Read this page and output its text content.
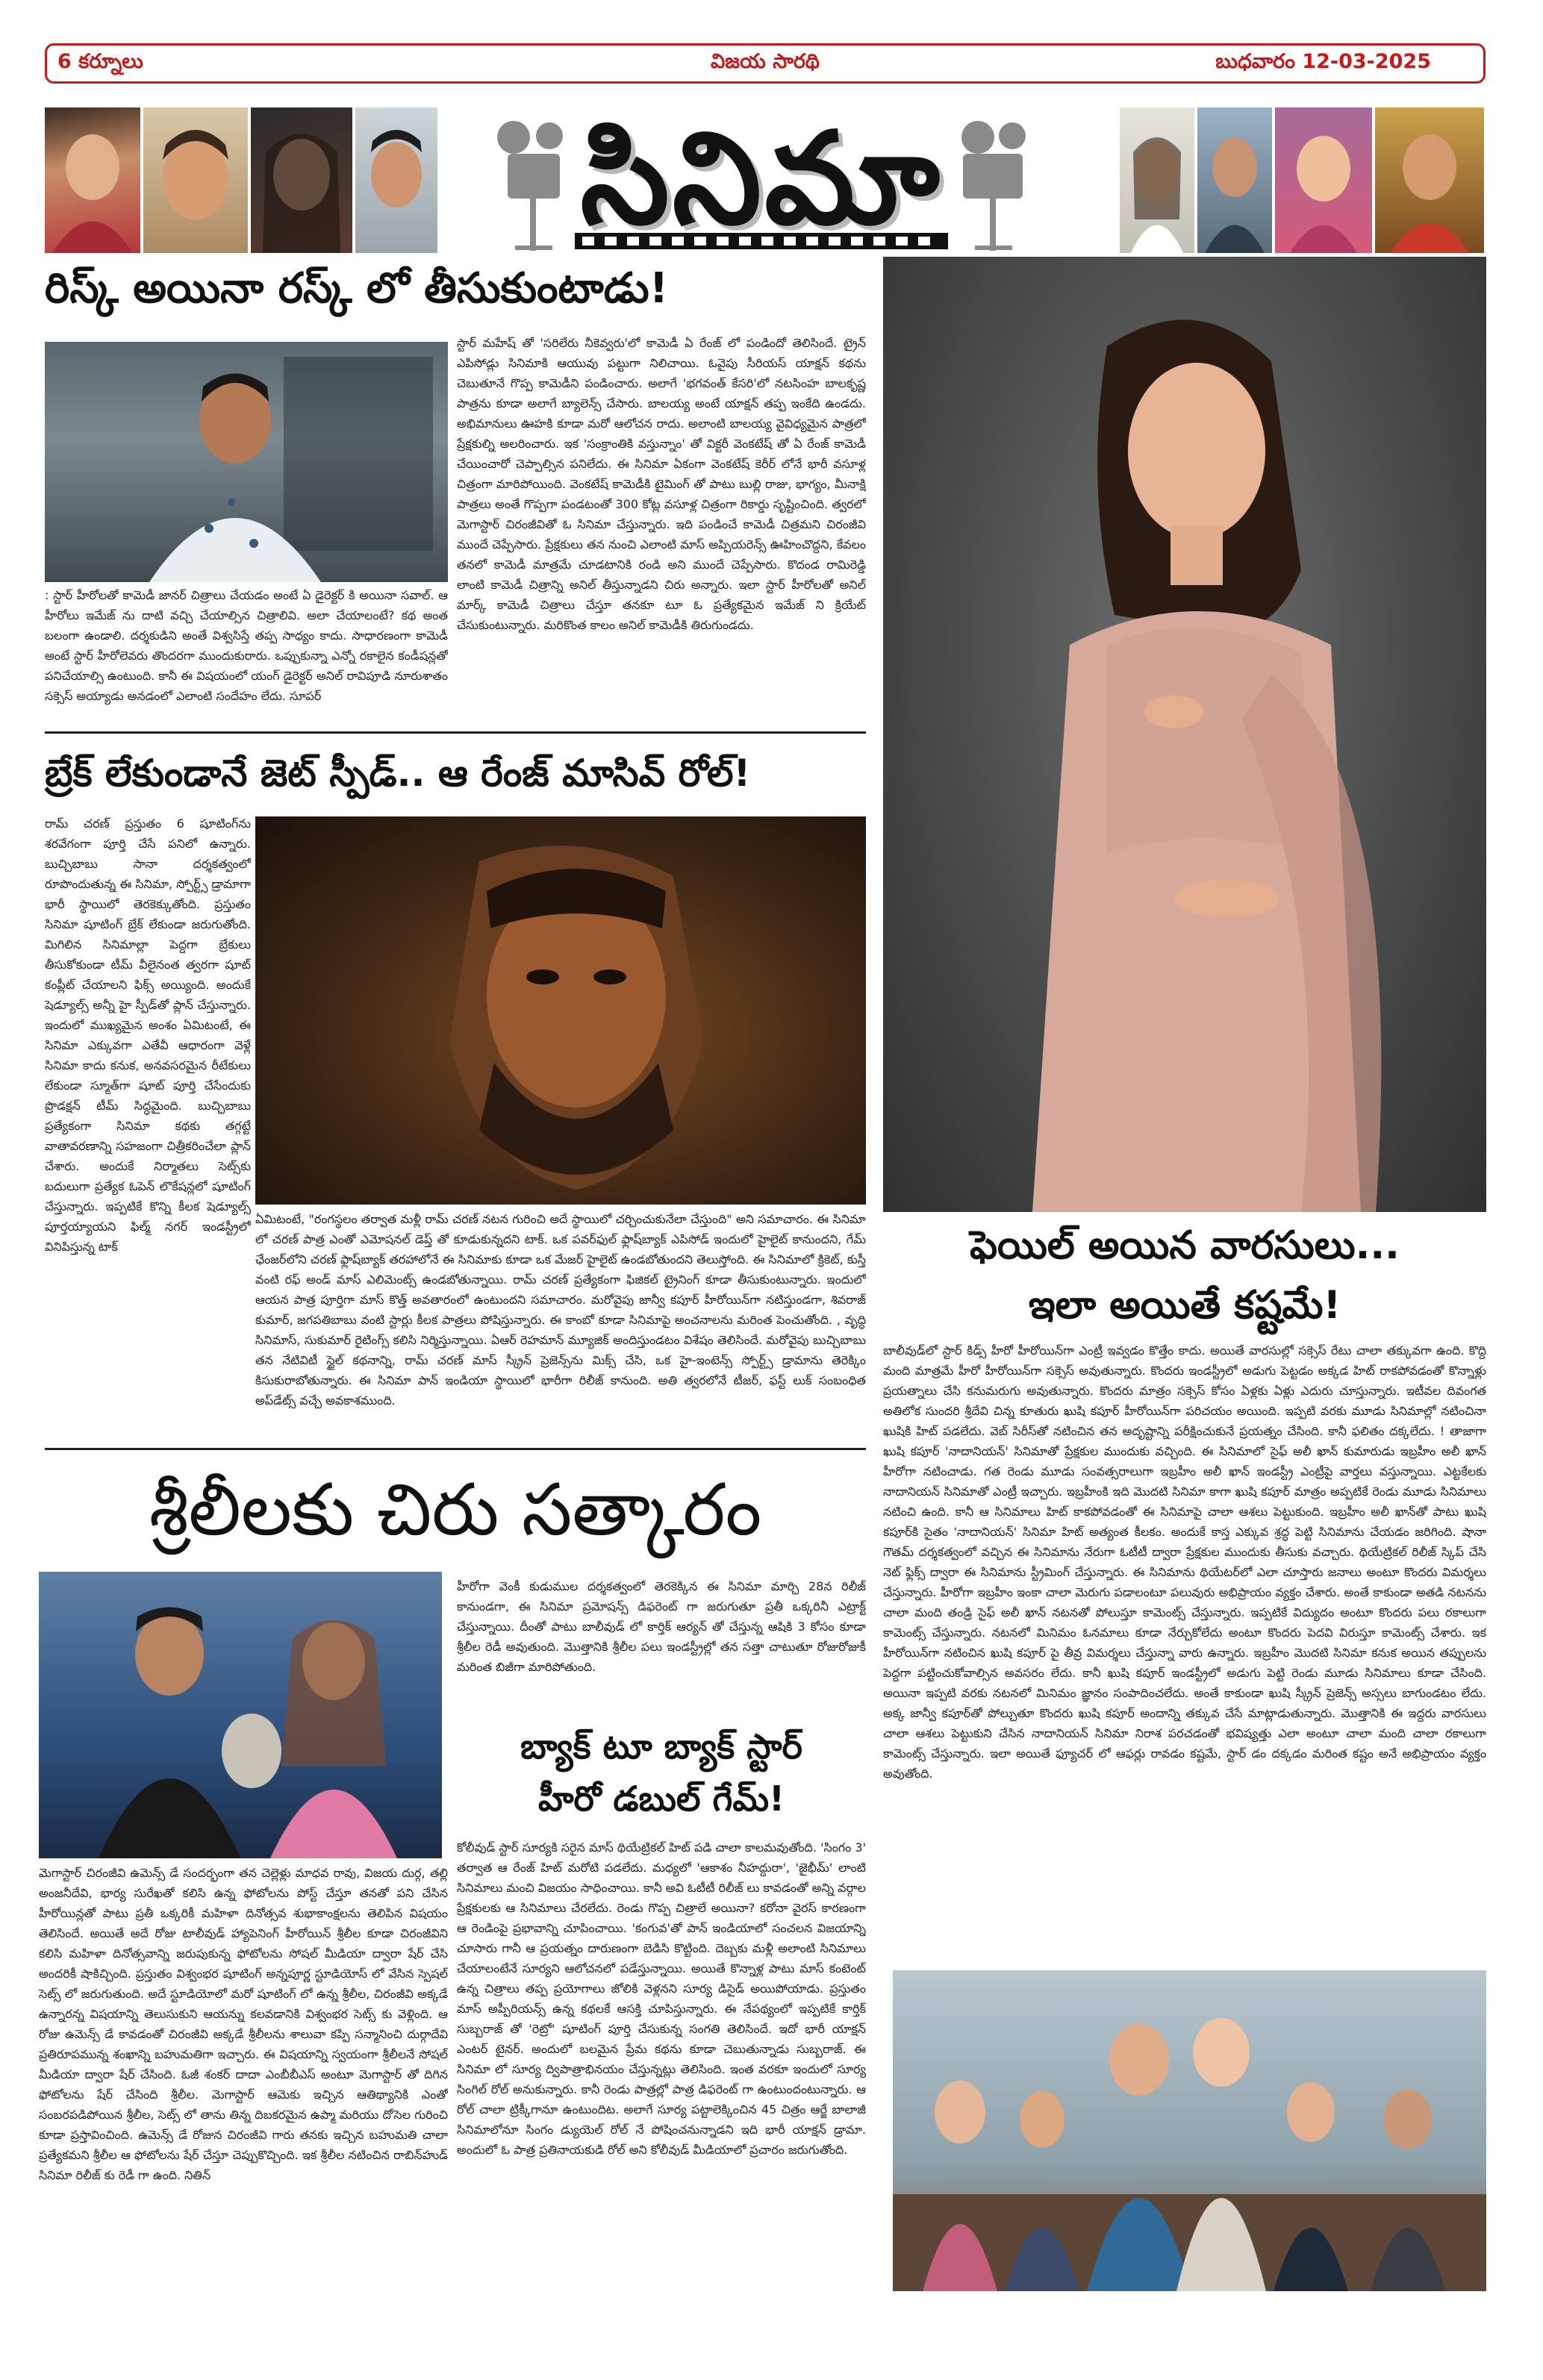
6 కర్నూలు	విజయ సారథి	బుధవారం 12-03-2025
సినిమా
రిస్క్ అయినా రస్క్ లో తీసుకుంటాడు!
: స్టార్ హీరోలతో కామెడీ జానర్ చిత్రాలు చేయడం అంటే ఏ డైరెక్టర్ కి అయినా సవాల్. ఆ హీరోలు ఇమేజ్ ను దాటి వచ్చి చేయాల్సిన చిత్రాలివి. అలా చేయాలంటే? కథ అంత బలంగా ఉండాలి. దర్శకుడిని అంతే విశ్వసిస్తే తప్ప సాధ్యం కాదు. సాధారణంగా కామెడీ అంటే స్టార్ హీరోలెవరు తొందరగా ముందుకురారు. ఒప్పుకున్నా ఎన్నో రకాలైన కండీషన్లతో పనిచేయాల్సి ఉంటుంది. కానీ ఈ విషయంలో యంగ్ డైరెక్టర్ అనిల్ రావిపూడి నూరుశాతం సక్సెస్ అయ్యాడు అనడంలో ఎలాంటి సందేహం లేదు. సూపర్
స్టార్ మహేష్ తో 'సరిలేరు నీకెవ్వరు'లో కామెడీ ఏ రేంజ్ లో పండిందో తెలిసిందే. ట్రైన్ ఎపిసోడ్లు సినిమాకి ఆయువు పట్టుగా నిలిచాయి. ఓవైపు సీరియస్ యాక్షన్ కథను చెబుతూనే గొప్ప కామెడీని పండించారు. అలాగే 'భగవంత్ కేసరి'లో నటసింహ బాలకృష్ణ పాత్రను కూడా అలాగే బ్యాలెన్స్ చేసారు. బాలయ్య అంటే యాక్షన్ తప్ప ఇంకేది ఉండదు. అభిమానులు ఊహకి కూడా మరో ఆలోచన రాదు. అలాంటి బాలయ్య వైవిధ్యమైన పాత్రలో ప్రేక్షకుల్ని అలరించారు. ఇక 'సంక్రాంతికి వస్తున్నాం' తో విక్టరీ వెంకటేష్ తో ఏ రేంజ్ కామెడీ చేయించారో చెప్పాల్సిన పనిలేదు. ఈ సినిమా ఏకంగా వెంకటేష్ కెరీర్ లోనే భారీ వసూళ్ల చిత్రంగా మారిపోయింది. వెంకటేష్ కామెడీకి టైమింగ్ తో పాటు బుల్లి రాజు, భాగ్యం, మీనాక్షి పాత్రలు అంతే గొప్పగా పండటంతో 300 కోట్ల వసూళ్ల చిత్రంగా రికార్డు సృష్టించింది. త్వరలో మెగాస్టార్ చిరంజీవితో ఓ సినిమా చేస్తున్నారు. ఇది పండించే కామెడీ చిత్రమని చిరంజీవి ముందే చెప్పేసారు. ప్రేక్షకులు తన నుంచి ఎలాంటి మాస్ అప్పియరెన్స్ ఊహించొద్దని, కేవలం తనలో కామెడీ మాత్రమే చూడటానికి రండి అని ముందే చెప్పేసారు. కొదండ రామిరెడ్డి లాంటి కామెడీ చిత్రాన్ని అనిల్ తీస్తున్నాడని చిరు అన్నారు. ఇలా స్టార్ హీరోలతో అనిల్ మార్క్ కామెడీ చిత్రాలు చేస్తూ తనకూ టూ ఓ ప్రత్యేకమైన ఇమేజ్ ని క్రియేట్ చేసుకుంటున్నారు. మరికొంత కాలం అనిల్ కామెడీకి తిరుగుండదు.
బ్రేక్ లేకుండానే జెట్ స్పీడ్.. ఆ రేంజ్ మాసివ్ రోల్!
రామ్ చరణ్ ప్రస్తుతం 6 షూటింగ్‌ను శరవేగంగా పూర్తి చేసే పనిలో ఉన్నారు. బుచ్చిబాబు సానా దర్శకత్వంలో రూపొందుతున్న ఈ సినిమా, స్పోర్ట్స్ డ్రామాగా భారీ స్థాయిలో తెరకెక్కుతోంది. ప్రస్తుతం సినిమా షూటింగ్ బ్రేక్ లేకుండా జరుగుతోంది. మిగిలిన సినిమాల్లా పెద్దగా బ్రేకులు తీసుకోకుండా టీమ్ వీలైనంత త్వరగా షూట్ కంప్లీట్ చేయాలని ఫిక్స్ అయ్యింది. అందుకే షెడ్యూల్స్ అన్నీ హై స్పీడ్‌తో ప్లాన్ చేస్తున్నారు. ఇందులో ముఖ్యమైన అంశం ఏమిటంటే, ఈ సినిమా ఎక్కువగా ఎతేవీ ఆధారంగా వెళ్లే సినిమా కాదు కనుక, అనవసరమైన రీటేకులు లేకుండా స్మూత్‌గా షూట్ పూర్తి చేసేందుకు ప్రొడక్షన్ టీమ్ సిద్ధమైంది. బుచ్చిబాబు ప్రత్యేకంగా సినిమా కథకు తగ్గట్టే వాతావరణాన్ని సహజంగా చిత్రీకరించేలా ప్లాన్ చేశారు. అందుకే నిర్మాతలు సెట్స్‌కు బదులుగా ప్రత్యేక ఓపెన్ లొకేషన్లలో షూటింగ్ చేస్తున్నారు. ఇప్పటికే కొన్ని కీలక షెడ్యూల్స్ పూర్తయ్యాయని ఫిల్మ్ నగర్ ఇండస్ట్రీలో వినిపిస్తున్న టాక్
ఏమిటంటే, "రంగస్థలం తర్వాత మళ్లీ రామ్ చరణ్ నటన గురించి అదే స్థాయిలో చర్చించుకునేలా చేస్తుంది" అని సమాచారం. ఈ సినిమా లో చరణ్ పాత్ర ఎంతో ఎమోషనల్ డెప్త్ తో కూడుకున్నదని టాక్. ఒక పవర్‌ఫుల్ ఫ్లాష్‌బ్యాక్ ఎపిసోడ్ ఇందులో హైలైట్ కానుందని, గేమ్ ఛేంజర్‌లోని చరణ్ ఫ్లాష్‌బ్యాక్ తరహాలోనే ఈ సినిమాకు కూడా ఒక మేజర్ హైలైట్ ఉండబోతుందని తెలుస్తోంది. ఈ సినిమాలో క్రికెట్, కుస్తీ వంటి రఫ్ అండ్ మాస్ ఎలిమెంట్స్ ఉండబోతున్నాయి. రామ్ చరణ్ ప్రత్యేకంగా ఫిజికల్ ట్రైనింగ్ కూడా తీసుకుంటున్నారు. ఇందులో ఆయన పాత్ర పూర్తిగా మాస్ కొత్త్ అవతారంలో ఉంటుందని సమాచారం. మరోవైపు జాన్వీ కపూర్ హీరోయిన్‌గా నటిస్తుండగా, శివరాజ్ కుమార్, జగపతిబాబు వంటి స్టార్లు కీలక పాత్రలు పోషిస్తున్నారు. ఈ కాంబో కూడా సినిమాపై అంచనాలను మరింత పెంచుతోంది. , వృద్ధి సినిమాస్, సుకుమార్ రైటింగ్స్ కలిసి నిర్మిస్తున్నాయి. ఏఆర్ రెహమాన్ మ్యూజిక్ అందిస్తుండటం విశేషం తెలిసిందే. మరోవైపు బుచ్చిబాబు తన నేటివిటీ స్టైల్ కథనాన్ని, రామ్ చరణ్ మాస్ స్క్రీన్ ప్రెజెన్స్‌ను మిక్స్ చేసి, ఒక హై-ఇంటెన్స్ స్పోర్ట్స్ డ్రామాను తెరెక్కిం కిసుకురాబోతున్నారు. ఈ సినిమా పాన్ ఇండియా స్థాయిలో భారీగా రిలీజ్ కానుంది. అతి త్వరలోనే టీజర్, ఫస్ట్ లుక్ సంబంధిత అప్‌డేట్స్ వచ్చే అవకాశముంది.
ఫెయిల్ అయిన వారసులు...
ఇలా అయితే కష్టమే!
బాలీవుడ్‌లో స్టార్ కిడ్స్ హీరో హీరోయిన్‌గా ఎంట్రీ ఇవ్వడం కొత్తేం కాదు. అయితే వారసుల్లో సక్సెస్ రేటు చాలా తక్కువగా ఉంది. కొద్ది మంది మాత్రమే హీరో హీరోయిన్‌గా సక్సెస్ అవుతున్నారు. కొందరు ఇండస్ట్రీలో అడుగు పెట్టడం అక్కడ హిట్ రాకపోవడంతో కొన్నాళ్లు ప్రయత్నాలు చేసి కనుమరుగు అవుతున్నారు. కొందరు మాత్రం సక్సెస్ కోసం ఏళ్లకు ఏళ్లు ఎదురు చూస్తున్నారు. ఇటీవల దివంగత అతిలోక సుందరి శ్రీదేవి చిన్న కూతురు ఖుషి కపూర్ హీరోయిన్‌గా పరిచయం అయింది. ఇప్పటి వరకు మూడు సినిమాల్లో నటించినా ఖుషికి హిట్ పడలేదు. వెబ్ సిరీస్‌తో నటించిన తన అదృష్టాన్ని పరీక్షించుకునే ప్రయత్నం చేసింది. కానీ ఫలితం దక్కలేదు. ! తాజాగా ఖుషి కపూర్ 'నాదానియన్' సినిమాతో ప్రేక్షకుల ముందుకు వచ్చింది. ఈ సినిమాలో సైఫ్ అలీ ఖాన్ కుమారుడు ఇబ్రహీం అలీ ఖాన్ హీరోగా నటించాడు. గత రెండు మూడు సంవత్సరాలుగా ఇబ్రహీం అలీ ఖాన్ ఇండస్ట్రీ ఎంట్రీపై వార్తలు వస్తున్నాయి. ఎట్టకేలకు నాదానియన్ సినిమాతో ఎంట్రీ ఇచ్చారు. ఇబ్రహీంకి ఇది మొదటి సినిమా కాగా ఖుషి కపూర్ మాత్రం అప్పటికే రెండు మూడు సినిమాలు నటించి ఉంది. కానీ ఆ సినిమాలు హిట్ కాకపోవడంతో ఈ సినిమాపై చాలా ఆశలు పెట్టుకుంది. ఇబ్రహీం అలీ ఖాన్‌తో పాటు ఖుషి కపూర్‌కి సైతం 'నాదానియన్' సినిమా హిట్ అత్యంత కీలకం. అందుకే కాస్త ఎక్కువ శ్రద్ధ పెట్టి సినిమాను చేయడం జరిగింది. షానా గౌతమ్ దర్శకత్వంలో వచ్చిన ఈ సినిమాను నేరుగా ఓటీటీ ద్వారా ప్రేక్షకుల ముందుకు తీసుకు వచ్చారు. థియేట్రికల్ రిలీజ్ స్కిప్ చేసి నెట్ ఫ్లిక్స్ ద్వారా ఈ సినిమాను స్ట్రీమింగ్ చేస్తున్నారు. ఈ సినిమాను థియేటర్‌లో ఎలా చూస్తారు జనాలు అంటూ కొందరు విమర్శలు చేస్తున్నారు. హీరోగా ఇబ్రహీం ఇంకా చాలా మెరుగు పడాలంటూ పలువురు అభిప్రాయం వ్యక్తం చేశారు. అంతే కాకుండా అతడి నటనను చాలా మంది తండ్రి సైఫ్ అలీ ఖాన్ నటనతో పోలుస్తూ కామెంట్స్ చేస్తున్నారు. ఇప్పటికే విద్యుదం అంటూ కొందరు పలు రకాలుగా కామెంట్స్ చేస్తున్నారు. నటనలో మినిమం ఓనమాలు కూడా నేర్చుకోలేదు అంటూ కొందరు పెదవి విరుస్తూ కామెంట్స్ చేశారు. ఇక హీరోయిన్‌గా నటించిన ఖుషి కపూర్ పై తీవ్ర విమర్శలు చేస్తున్నా వారు ఉన్నారు. ఇబ్రహీం మొదటి సినిమా కనుక అయిన తప్పులను పెద్దగా పట్టించుకోవాల్సిన అవసరం లేదు. కానీ ఖుషి కపూర్ ఇండస్ట్రీలో అడుగు పెట్టి రెండు మూడు సినిమాలు కూడా చేసింది. అయినా ఇప్పటి వరకు నటనలో మినిమం జ్ఞానం సంపాదించలేదు. అంతే కాకుండా ఖుషి స్క్రీన్ ప్రెజెన్స్ అస్సలు బాగుండటం లేదు. అక్క జాన్వీ కపూర్‌తో పోల్చుతూ కొందరు ఖుషి కపూర్ అందాన్ని తక్కువ చేసే మాట్లాడుతున్నారు. మొత్తానికి ఈ ఇద్దరు వారసులు చాలా ఆశలు పెట్టుకుని చేసిన నాదానియన్ సినిమా నిరాశ పరచడంతో భవిష్యత్తు ఎలా అంటూ చాలా మంది చాలా రకాలుగా కామెంట్స్ చేస్తున్నారు. ఇలా అయితే ఫ్యూచర్ లో ఆఫర్లు రావడం కష్టమే, స్టార్ డం దక్కడం మరింత కష్టం అనే అభిప్రాయం వ్యక్తం అవుతోంది.
శ్రీలీలకు చిరు సత్కారం
మెగాస్టార్ చిరంజీవి ఉమెన్స్ డే సందర్భంగా తన చెల్లెళ్లు మాధవ రావు, విజయ దుర్గ, తల్లి అంజనీదేవి, భార్య సురేఖతో కలిసి ఉన్న ఫోటోలను పోస్ట్ చేస్తూ తనతో పని చేసిన హీరోయిన్లతో పాటు ప్రతీ ఒక్కరికీ మహిళా దినోత్సవ శుభాకాంక్షలను తెలిపిన విషయం తెలిసిందే. అయితే అదే రోజు టాలీవుడ్ హ్యాపెనింగ్ హీరోయిన్ శ్రీలీల కూడా చిరంజీవిని కలిసి మహిళా దినోత్సవాన్ని జరుపుకున్న ఫోటోలను సోషల్ మీడియా ద్వారా షేర్ చేసి అందరికీ షాకిచ్చింది. ప్రస్తుతం విశ్వంభర షూటింగ్ అన్నపూర్ణ స్టూడియోస్ లో వేసిన స్పెషల్ సెట్స్ లో జరుగుతుంది. అదే స్టూడియోలో మరో షూటింగ్ లో ఉన్న శ్రీలీల, చిరంజీవి అక్కడే ఉన్నారన్న విషయాన్ని తెలుసుకుని ఆయన్ను కలవడానికి విశ్వంభర సెట్స్ కు వెళ్లింది. ఆ రోజు ఉమెన్స్ డే కావడంతో చిరంజీవి అక్కడే శ్రీలీలను శాలువా కప్పి సన్మానించి దుర్గాదేవి ప్రతిరూపమున్న శంఖాన్ని బహుమతిగా ఇచ్చారు. ఈ విషయాన్ని స్వయంగా శ్రీలీలనే సోషల్ మీడియా ద్వారా షేర్ చేసింది. ఓజీ శంకర్ దాదా ఎంబీబీఎస్ అంటూ మెగాస్టార్ తో దిగిన ఫోటోలను షేర్ చేసింది శ్రీలీల. మెగాస్టార్ ఆమెకు ఇచ్చిన ఆతిథ్యానికి ఎంతో సంబరపడిపోయిన శ్రీలీల, సెట్స్ లో తాను తిన్న దిబకరమైన ఉప్మా మరియు దోసెల గురించి కూడా ప్రస్తావించింది. ఉమెన్స్ డే రోజున చిరంజీవి గారు తనకు ఇచ్చిన బహుమతి చాలా ప్రత్యేకమని శ్రీలీల ఆ ఫోటోలను షేర్ చేస్తూ చెప్పుకొచ్చింది. ఇక శ్రీలీల నటించిన రాబిన్‌హుడ్ సినిమా రిలీజ్ కు రెడీ గా ఉంది. నితిన్
హీరోగా వెంకీ కుడుముల దర్శకత్వంలో తెరకెక్కిన ఈ సినిమా మార్చి 28న రిలీజ్ కానుండగా, ఈ సినిమా ప్రమోషన్స్ డిఫరెంట్ గా జరుగుతూ ప్రతీ ఒక్కరినీ ఎట్రాక్ట్ చేస్తున్నాయి. దీంతో పాటు బాలీవుడ్ లో కార్తిక్ ఆర్యన్ తో చేస్తున్న ఆషికి 3 కోసం కూడా శ్రీలీల రెడీ అవుతుంది. మొత్తానికి శ్రీలీల పలు ఇండస్ట్రీల్లో తన సత్తా చాటుతూ రోజురోజుకీ మరింత బిజీగా మారిపోతుంది.
బ్యాక్ టూ బ్యాక్ స్టార్
హీరో డబుల్ గేమ్!
కోలీవుడ్ స్టార్ సూర్యకి సరైన మాస్ థియేట్రికల్ హిట్ పడి చాలా కాలమవుతోంది. 'సింగం 3' తర్వాత ఆ రేంజ్ హిట్ మరోటి పడలేదు. మధ్యలో 'ఆకాశం నీహద్దురా', 'జైభీమ్' లాంటి సినిమాలు మంచి విజయం సాధించాయి. కానీ అవి ఓటీటీ రిలీజ్ లు కావడంతో అన్ని వర్గాల ప్రేక్షకులకు ఆ సినిమాలు చేరలేదు. రెండు గొప్ప చిత్రాలే అయినా? కరోనా వైరస్ కారణంగా ఆ రెండింపై ప్రభావాన్ని చూపించాయి. 'కంగువ'తో పాన్ ఇండియాలో సంచలన విజయాన్ని చూసారు గానీ ఆ ప్రయత్నం దారుణంగా బెడిసి కొట్టింది. దెబ్బకు మళ్లీ అలాంటి సినిమాలు చేయాలంటేనే సూర్యని ఆలోచనలో పడేస్తున్నాయి. అయితే కొన్నాళ్ల పాటు మాస్ కంటెంట్ ఉన్న చిత్రాలు తప్ప ప్రయోగాలు జోలికి వెళ్లనని సూర్య డిసైడ్ అయిపోయాడు. ప్రస్తుతం మాస్ అప్పీరియన్స్ ఉన్న కథలకే ఆసక్తి చూపిస్తున్నారు. ఈ నేపథ్యంలో ఇప్పటికే కార్తిక్ సుబ్బరాజ్ తో 'రెట్రో' షూటింగ్ పూర్తి చేసుకున్న సంగతి తెలిసిందే. ఇదో భారీ యాక్షన్ ఎంటర్ టైనర్. అందులో బలమైన ప్రేమ కథను కూడా చెబుతున్నాడు సుబ్బరాజ్. ఈ సినిమా లో సూర్య ద్విపాత్రాభినయం చేస్తున్నట్లు తెలిసింది. ఇంత వరకూ ఇందులో సూర్య సింగిల్ రోల్ అనుకున్నారు. కానీ రెండు పాత్రల్లో పాత్ర డిఫరెంట్ గా ఉంటుందంటున్నారు. ఆ రోల్ చాలా ట్రిక్కీగానూ ఉంటుందిట. అలాగే సూర్య పట్టాలెక్కించిన 45 చిత్రం ఆర్జే బాలాజీ సినిమాలోనూ సింగం డ్యుయెల్ రోల్ నే పోషించనున్నాడని ఇది భారీ యాక్షన్ డ్రామా. అందులో ఓ పాత్ర ప్రతినాయకుడి రోల్ అని కోలీవుడ్ మీడియాలో ప్రచారం జరుగుతోంది.
